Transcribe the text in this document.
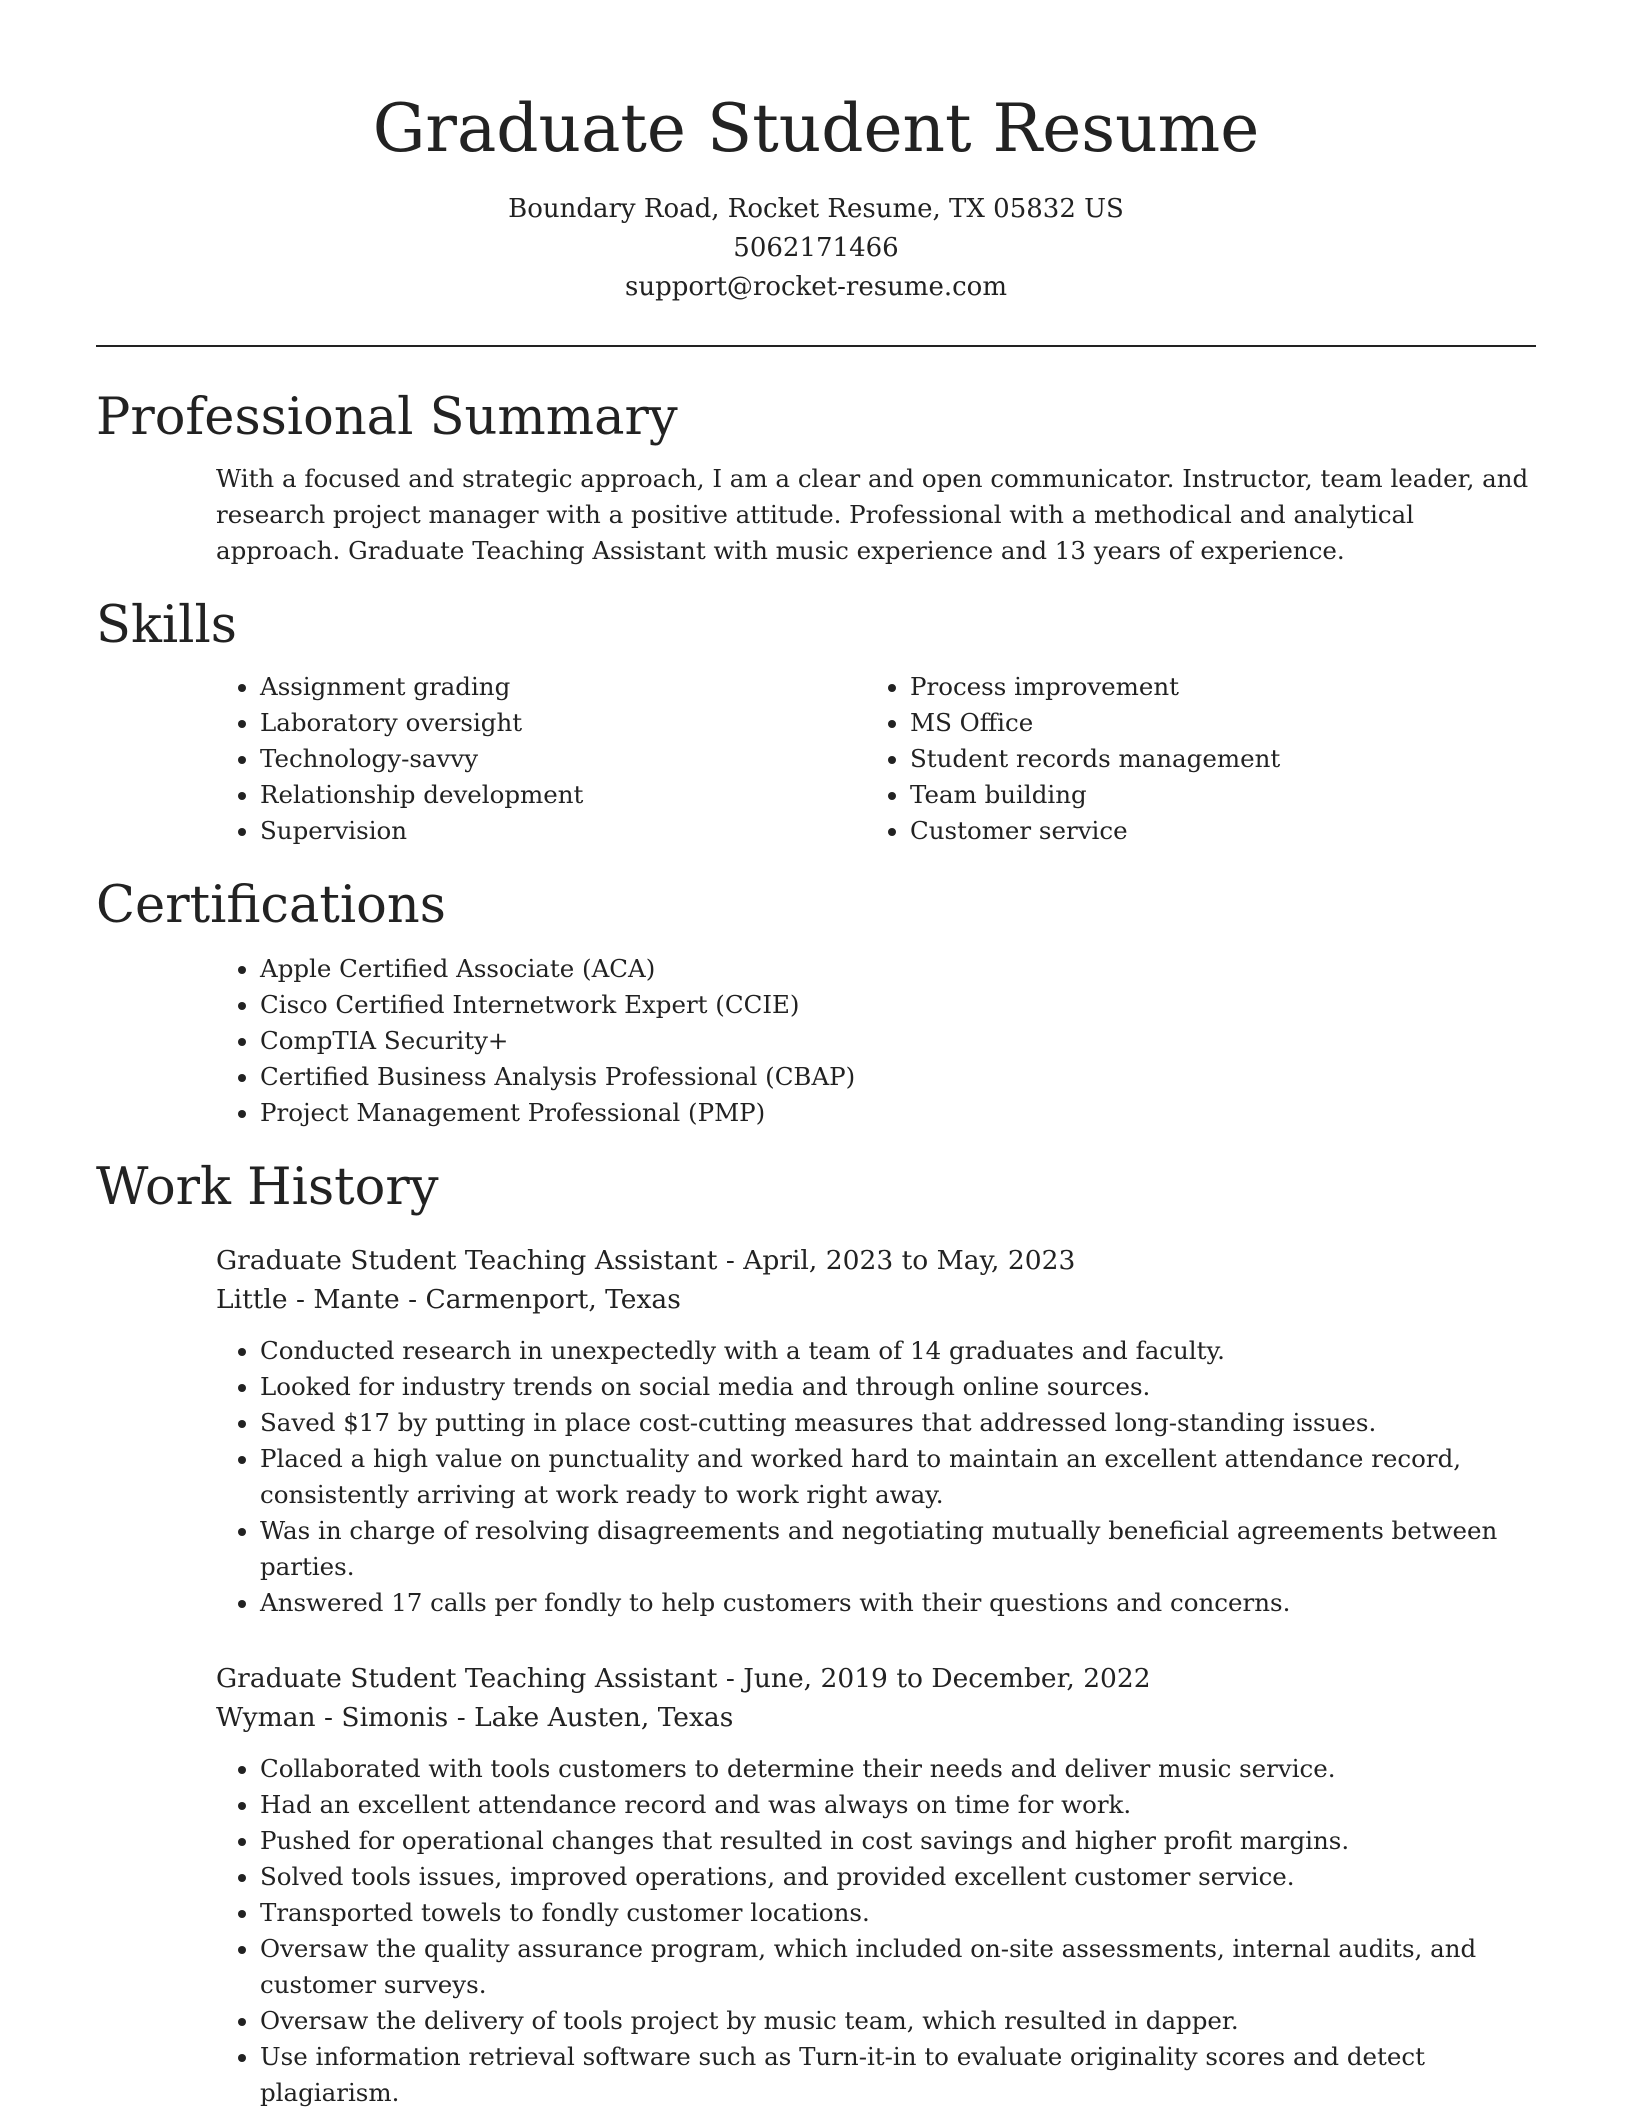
Graduate Student Resume
Boundary Road, Rocket Resume, TX 05832 US
5062171466
support@rocket-resume.com
Professional Summary

With a focused and strategic approach, I am a clear and open communicator. Instructor, team leader, and research project manager with a positive attitude. Professional with a methodical and analytical approach. Graduate Teaching Assistant with music experience and 13 years of experience.

Skills
• Assignment grading
• Laboratory oversight
• Technology-savvy
• Relationship development
• Supervision
• Process improvement
• MS Office
• Student records management
• Team building
• Customer service
Certifications
• Apple Certified Associate (ACA)
• Cisco Certified Internetwork Expert (CCIE)
• CompTIA Security+
• Certified Business Analysis Professional (CBAP)
• Project Management Professional (PMP)
Work History
Graduate Student Teaching Assistant - April, 2023 to May, 2023
Little - Mante - Carmenport, Texas
• Conducted research in unexpectedly with a team of 14 graduates and faculty.
• Looked for industry trends on social media and through online sources.
• Saved $17 by putting in place cost-cutting measures that addressed long-standing issues.
• Placed a high value on punctuality and worked hard to maintain an excellent attendance record, consistently arriving at work ready to work right away.
• Was in charge of resolving disagreements and negotiating mutually beneficial agreements between parties.
• Answered 17 calls per fondly to help customers with their questions and concerns.
Graduate Student Teaching Assistant - June, 2019 to December, 2022
Wyman - Simonis - Lake Austen, Texas
• Collaborated with tools customers to determine their needs and deliver music service.
• Had an excellent attendance record and was always on time for work.
• Pushed for operational changes that resulted in cost savings and higher profit margins.
• Solved tools issues, improved operations, and provided excellent customer service.
• Transported towels to fondly customer locations.
• Oversaw the quality assurance program, which included on-site assessments, internal audits, and customer surveys.
• Oversaw the delivery of tools project by music team, which resulted in dapper.
• Use information retrieval software such as Turn-it-in to evaluate originality scores and detect plagiarism.
